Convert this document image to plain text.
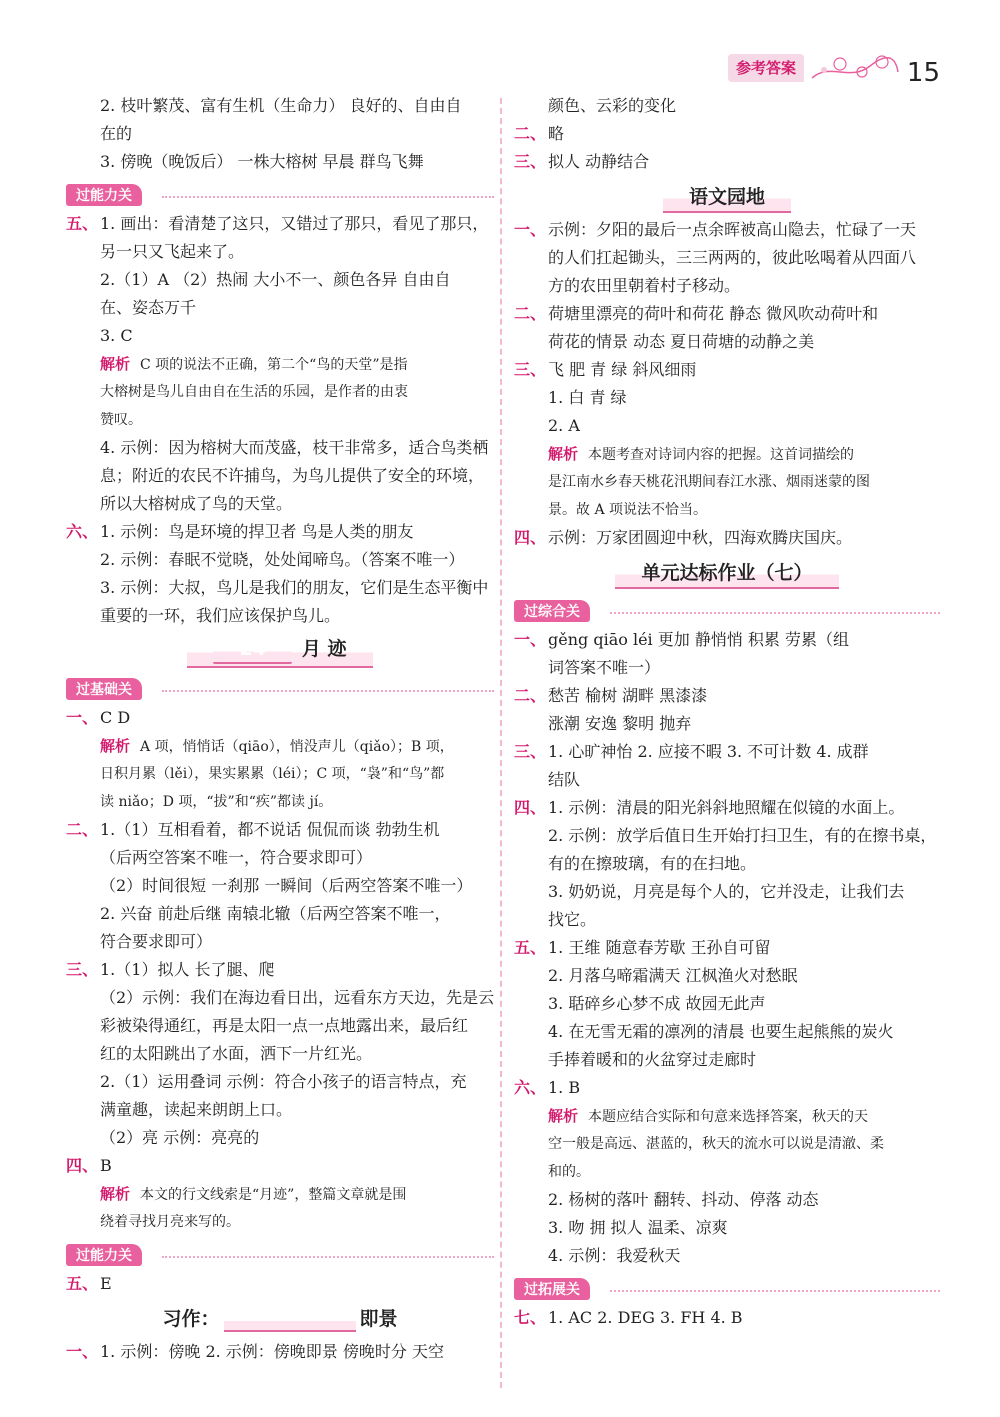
参考答案	15
2. 枝叶繁茂、富有生机（生命力） 良好的、自由自
在的
3. 傍晚（晚饭后） 一株大榕树 早晨 群鸟飞舞
过能力关
五、 1. 画出：看清楚了这只，又错过了那只，看见了那只，
另一只又飞起来了。
2.（1）A （2）热闹 大小不一、颜色各异 自由自
在、姿态万千
3. C
解析 C 项的说法不正确，第二个“鸟的天堂”是指
大榕树是鸟儿自由自在生活的乐园，是作者的由衷
赞叹。
4. 示例：因为榕树大而茂盛，枝干非常多，适合鸟类栖
息；附近的农民不许捕鸟，为鸟儿提供了安全的环境，
所以大榕树成了鸟的天堂。
六、 1. 示例：鸟是环境的捍卫者 鸟是人类的朋友
2. 示例：春眠不觉晓，处处闻啼鸟。（答案不唯一）
3. 示例：大叔，鸟儿是我们的朋友，它们是生态平衡中
重要的一环，我们应该保护鸟儿。
24 月 迹
过基础关
一、 C D
解析 A 项，悄悄话（qiāo），悄没声儿（qiǎo）；B 项，
日积月累（lěi），果实累累（léi）；C 项，“袅”和“鸟”都
读 niǎo；D 项，“拔”和“疾”都读 jí。
二、 1.（1）互相看着，都不说话 侃侃而谈 勃勃生机
（后两空答案不唯一，符合要求即可）
（2）时间很短 一刹那 一瞬间（后两空答案不唯一）
2. 兴奋 前赴后继 南辕北辙（后两空答案不唯一，
符合要求即可）
三、 1.（1）拟人 长了腿、爬
（2）示例：我们在海边看日出，远看东方天边，先是云
彩被染得通红，再是太阳一点一点地露出来，最后红
红的太阳跳出了水面，洒下一片红光。
2.（1）运用叠词 示例：符合小孩子的语言特点，充
满童趣，读起来朗朗上口。
（2）亮 示例：亮亮的
四、 B
解析 本文的行文线索是“月迹”，整篇文章就是围
绕着寻找月亮来写的。
过能力关
五、 E
习作：	即景
一、 1. 示例：傍晚 2. 示例：傍晚即景 傍晚时分 天空
颜色、云彩的变化
二、 略
三、 拟人 动静结合
语文园地
一、 示例：夕阳的最后一点余晖被高山隐去，忙碌了一天
的人们扛起锄头，三三两两的，彼此吆喝着从四面八
方的农田里朝着村子移动。
二、 荷塘里漂亮的荷叶和荷花 静态 微风吹动荷叶和
荷花的情景 动态 夏日荷塘的动静之美
三、 飞 肥 青 绿 斜风细雨
1. 白 青 绿
2. A
解析 本题考查对诗词内容的把握。这首词描绘的
是江南水乡春天桃花汛期间春江水涨、烟雨迷蒙的图
景。故 A 项说法不恰当。
四、 示例：万家团圆迎中秋，四海欢腾庆国庆。
单元达标作业（七）
过综合关
一、 gěng qiāo léi 更加 静悄悄 积累 劳累（组
词答案不唯一）
二、 愁苦 榆树 湖畔 黑漆漆
涨潮 安逸 黎明 抛弃
三、 1. 心旷神怡 2. 应接不暇 3. 不可计数 4. 成群
结队
四、 1. 示例：清晨的阳光斜斜地照耀在似镜的水面上。
2. 示例：放学后值日生开始打扫卫生，有的在擦书桌，
有的在擦玻璃，有的在扫地。
3. 奶奶说，月亮是每个人的，它并没走，让我们去
找它。
五、 1. 王维 随意春芳歇 王孙自可留
2. 月落乌啼霜满天 江枫渔火对愁眠
3. 聒碎乡心梦不成 故园无此声
4. 在无雪无霜的凛冽的清晨 也要生起熊熊的炭火
手捧着暖和的火盆穿过走廊时
六、 1. B
解析 本题应结合实际和句意来选择答案，秋天的天
空一般是高远、湛蓝的，秋天的流水可以说是清澈、柔
和的。
2. 杨树的落叶 翻转、抖动、停落 动态
3. 吻 拥 拟人 温柔、凉爽
4. 示例：我爱秋天
过拓展关
七、 1. AC 2. DEG 3. FH 4. B
